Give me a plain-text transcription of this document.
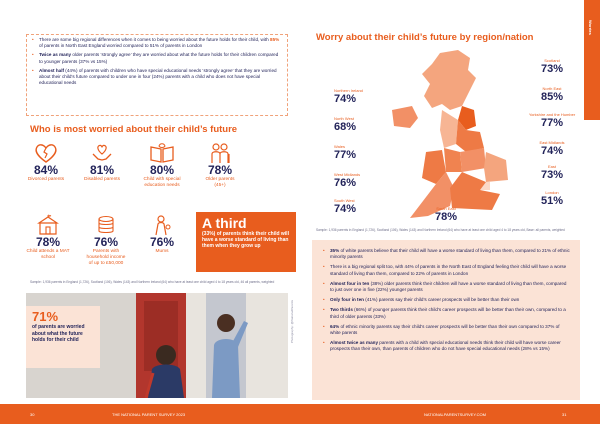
• There are some big regional differences when it comes to being worried about the future holds for their child, with 85% of parents in North East England worried compared to 51% of parents in London
• Twice as many older parents ‘strongly agree’ they are worried about what the future holds for their children compared to younger parents (37% vs 15%)
• Almost half (44%) of parents with children who have special educational needs ‘strongly agree’ that they are worried about their child’s future compared to under one in four (24%) parents with a child who does not have special educational needs
Who is most worried about their child’s future
84%
Divorced parents
81%
Disabled parents
80%
Child with special education needs
78%
Older parents (45+)
78%
Child attends a MAT school
76%
Parents with household income of up to £50,000
76%
Mums
A third
(33%) of parents think their child will have a worse standard of living than them when they grow up
Sample: 1,936 parents in England (1,726), Scotland (106), Wales (143) and Northern Ireland (64) who have at least one child aged 4 to 18 years old, 46 all parents, weighted
71%
of parents are worried about what the future holds for their child	Photography: @NationalParents
Worries
Worry about their child’s future by region/nation
Northern Ireland
74%
North West
68%
Wales
77%
West Midlands
76%
South West
74%	South East
78%
Scotland
73%
North East
85%
Yorkshire and the Humber
77%
East Midlands
74%
East
73%
London
51%
Sample: 1,936 parents in England (1,726), Scotland (106), Wales (143) and Northern Ireland (64) who have at least one child aged 4 to 18 years old, Base: all parents, weighted
• 35% of white parents believe that their child will have a worse standard of living than them, compared to 21% of ethnic minority parents
• There is a big regional split too, with 44% of parents in the North East of England feeling their child will have a worse standard of living than them, compared to 22% of parents in London
• Almost four in ten (38%) older parents think their children will have a worse standard of living than them, compared to just over one in five (22%) younger parents
• Only four in ten (41%) parents say their child’s career prospects will be better than their own
• Two thirds (66%) of younger parents think their child’s career prospects will be better than their own, compared to a third of older parents (33%)
• 64% of ethnic minority parents say their child’s career prospects will be better than their own compared to 37% of white parents
• Almost twice as many parents with a child with special educational needs think their child will have worse career prospects than their own, than parents of children who do not have special educational needs (28% vs 15%)
30	THE NATIONAL PARENT SURVEY 2023	NATIONALPARENTSURVEY.COM	31
